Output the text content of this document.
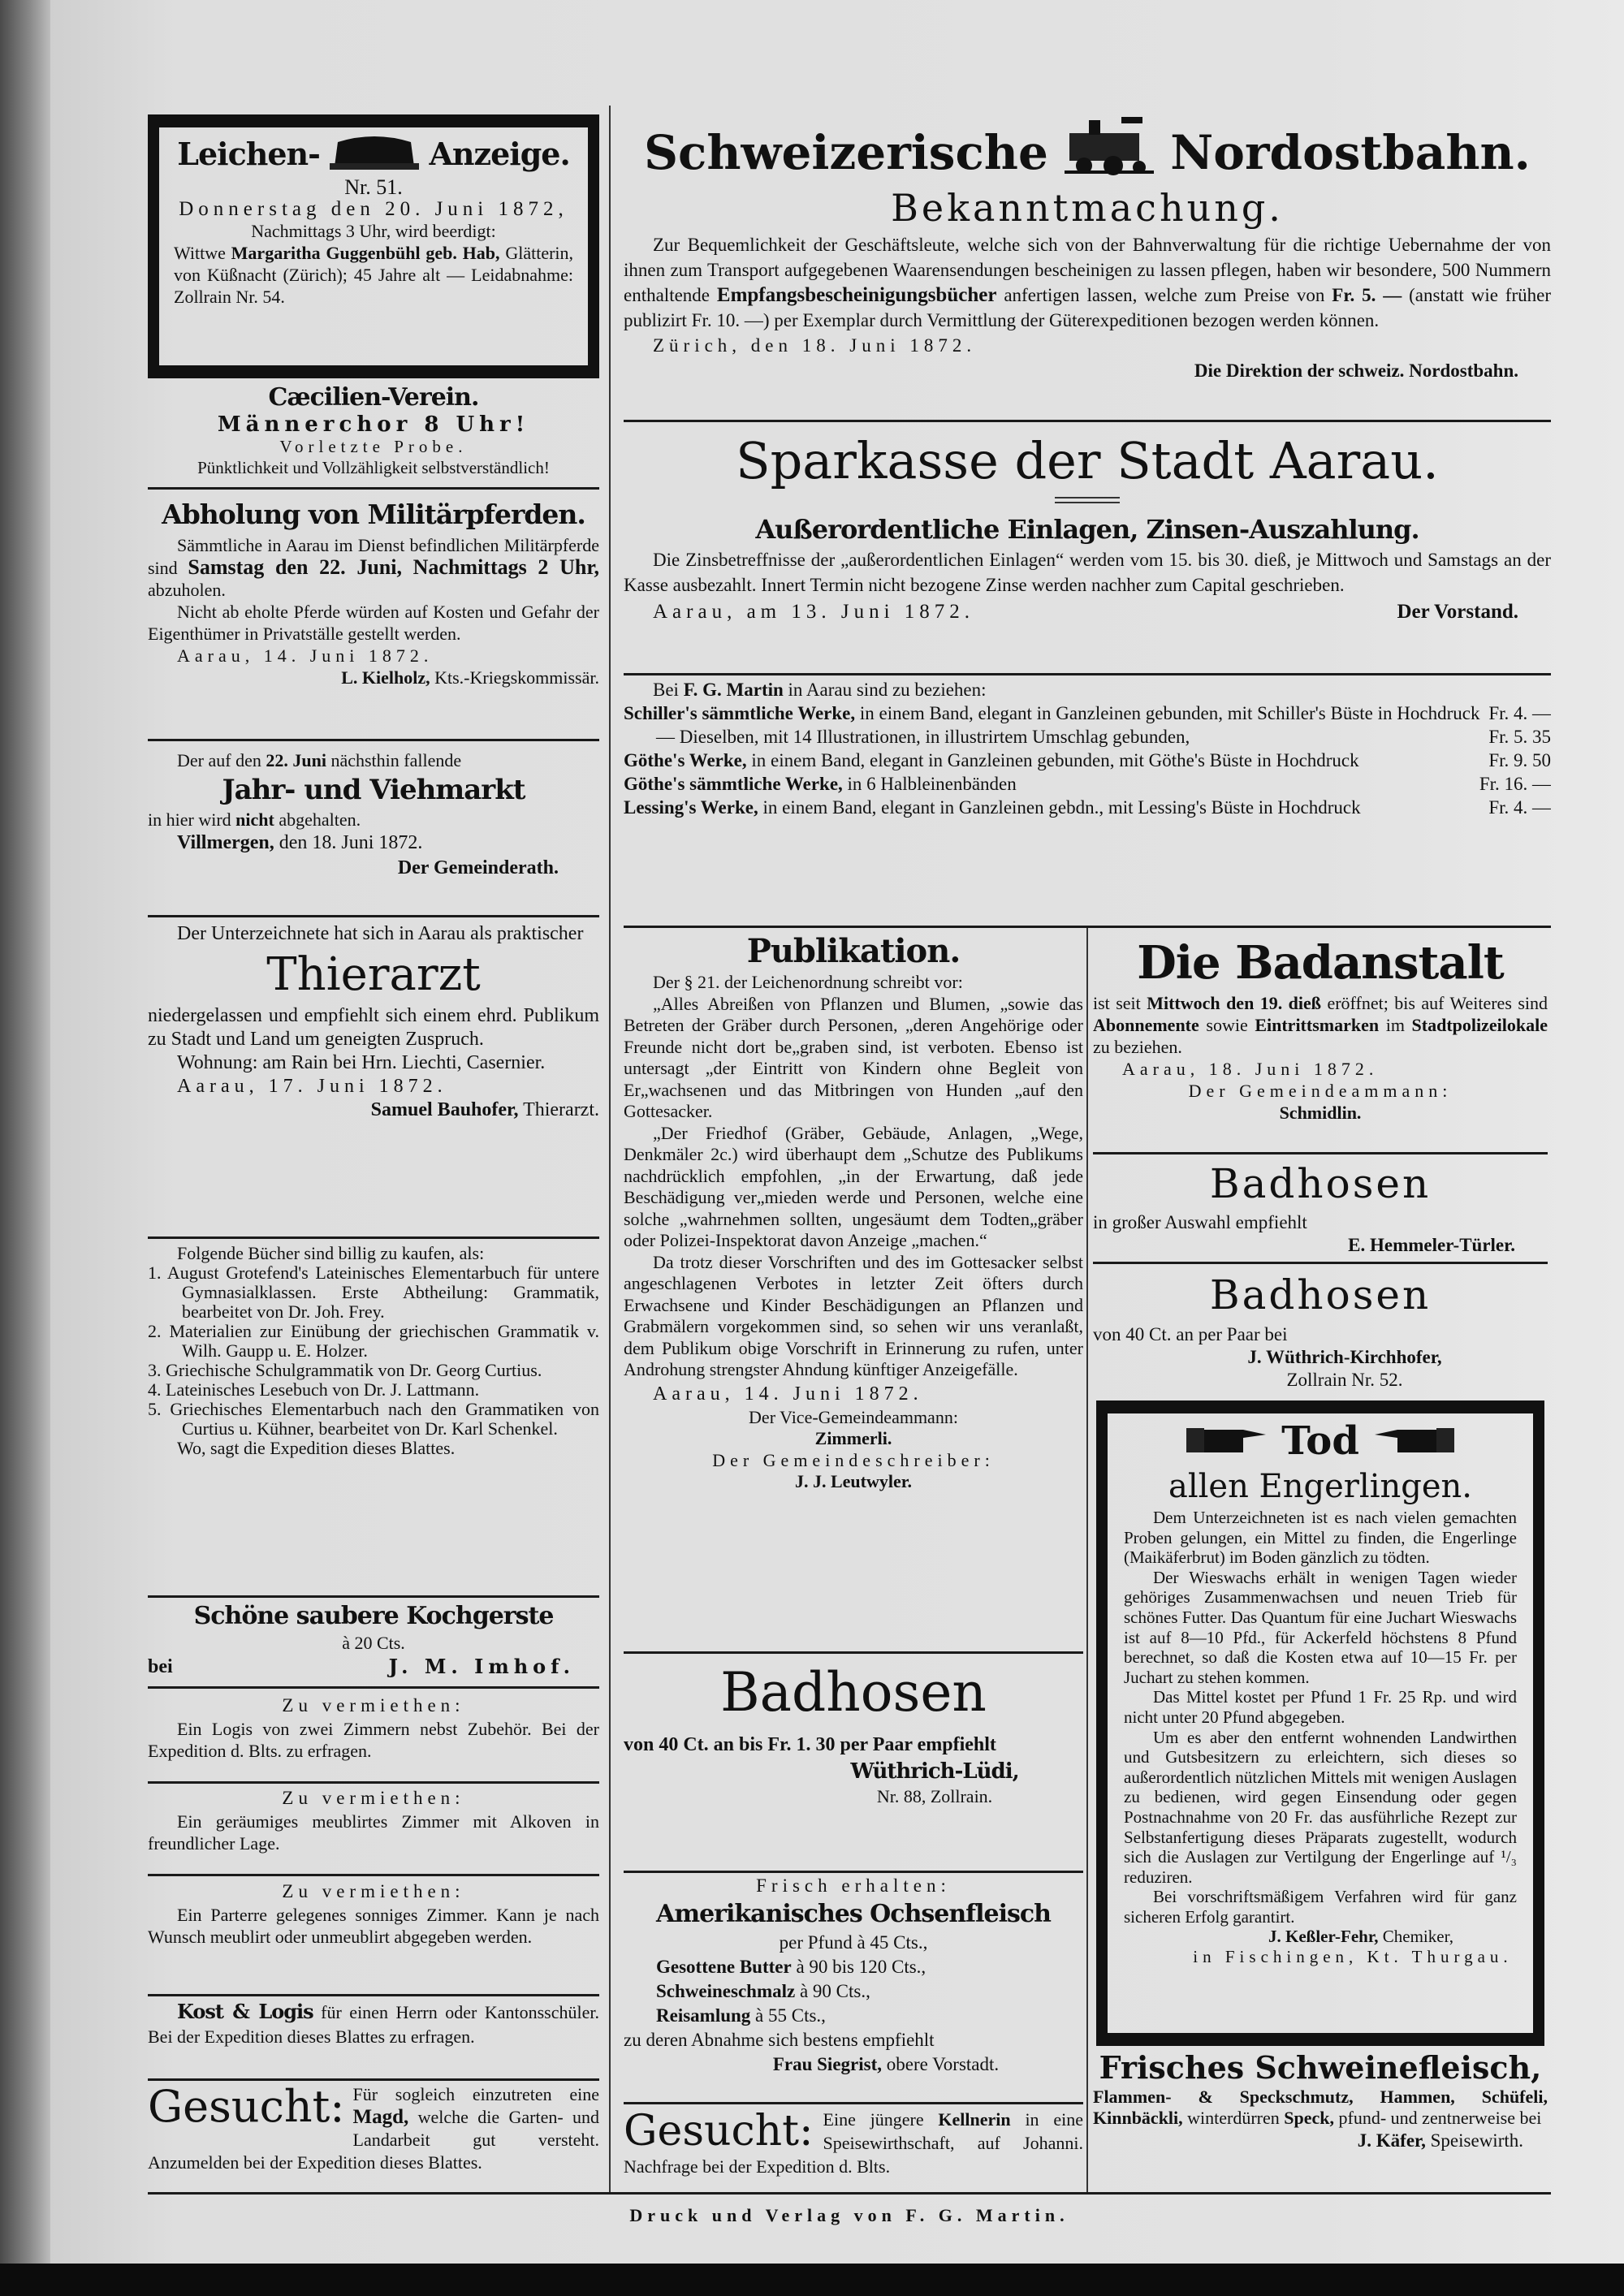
Leichen-	Anzeige.

Nr. 51.

Donnerstag den 20. Juni 1872,

Nachmittags 3 Uhr, wird beerdigt:

Wittwe Margaritha Guggenbühl geb. Hab, Glätterin, von Küßnacht (Zürich); 45 Jahre alt — Leidabnahme: Zollrain Nr. 54.

Cæcilien-Verein.

Männerchor 8 Uhr!

Vorletzte Probe.

Pünktlichkeit und Vollzähligkeit selbstverständlich!

Abholung von Militärpferden.

Sämmtliche in Aarau im Dienst befindlichen Militärpferde sind Samstag den 22. Juni, Nachmittags 2 Uhr, abzuholen.

Nicht ab eholte Pferde würden auf Kosten und Gefahr der Eigenthümer in Privatställe gestellt werden.

Aarau, 14. Juni 1872.

L. Kielholz, Kts.-Kriegskommissär.

Der auf den 22. Juni nächsthin fallende

Jahr- und Viehmarkt

in hier wird nicht abgehalten.

Villmergen, den 18. Juni 1872.

Der Gemeinderath.

Der Unterzeichnete hat sich in Aarau als praktischer

Thierarzt

niedergelassen und empfiehlt sich einem ehrd. Publikum zu Stadt und Land um geneigten Zuspruch.

Wohnung: am Rain bei Hrn. Liechti, Casernier.

Aarau, 17. Juni 1872.

Samuel Bauhofer, Thierarzt.

Folgende Bücher sind billig zu kaufen, als:

1. August Grotefend's Lateinisches Elementarbuch für untere Gymnasialklassen. Erste Abtheilung: Grammatik, bearbeitet von Dr. Joh. Frey.

2. Materialien zur Einübung der griechischen Grammatik v. Wilh. Gaupp u. E. Holzer.

3. Griechische Schulgrammatik von Dr. Georg Curtius.

4. Lateinisches Lesebuch von Dr. J. Lattmann.

5. Griechisches Elementarbuch nach den Grammatiken von Curtius u. Kühner, bearbeitet von Dr. Karl Schenkel.

Wo, sagt die Expedition dieses Blattes.

Schöne saubere Kochgerste

à 20 Cts.

bei	J. M. Imhof.

Zu vermiethen:

Ein Logis von zwei Zimmern nebst Zubehör. Bei der Expedition d. Blts. zu erfragen.

Zu vermiethen:

Ein geräumiges meublirtes Zimmer mit Alkoven in freundlicher Lage.

Zu vermiethen:

Ein Parterre gelegenes sonniges Zimmer. Kann je nach Wunsch meublirt oder unmeublirt abgegeben werden.

Kost & Logis für einen Herrn oder Kantonsschüler. Bei der Expedition dieses Blattes zu erfragen.

Gesucht: Für sogleich einzutreten eine Magd, welche die Garten- und Landarbeit gut versteht. Anzumelden bei der Expedition dieses Blattes.

Schweizerische	Nordostbahn.

Bekanntmachung.

Zur Bequemlichkeit der Geschäftsleute, welche sich von der Bahnverwaltung für die richtige Uebernahme der von ihnen zum Transport aufgegebenen Waarensendungen bescheinigen zu lassen pflegen, haben wir besondere, 500 Nummern enthaltende Empfangsbescheinigungsbücher anfertigen lassen, welche zum Preise von Fr. 5. — (anstatt wie früher publizirt Fr. 10. —) per Exemplar durch Vermittlung der Güterexpeditionen bezogen werden können.

Zürich, den 18. Juni 1872.

Die Direktion der schweiz. Nordostbahn.

Sparkasse der Stadt Aarau.

Außerordentliche Einlagen, Zinsen-Auszahlung.

Die Zinsbetreffnisse der „außerordentlichen Einlagen“ werden vom 15. bis 30. dieß, je Mittwoch und Samstags an der Kasse ausbezahlt. Innert Termin nicht bezogene Zinse werden nachher zum Capital geschrieben.

Aarau, am 13. Juni 1872.	Der Vorstand.

Bei F. G. Martin in Aarau sind zu beziehen:

Schiller's sämmtliche Werke, in einem Band, elegant in Ganzleinen gebunden, mit Schiller's Büste in Hochdruck Fr. 4. —

— Dieselben, mit 14 Illustrationen, in illustrirtem Umschlag gebunden,	Fr. 5. 35

Göthe's Werke, in einem Band, elegant in Ganzleinen gebunden, mit Göthe's Büste in Hochdruck	Fr. 9. 50

Göthe's sämmtliche Werke, in 6 Halbleinenbänden	Fr. 16. —

Lessing's Werke, in einem Band, elegant in Ganzleinen gebdn., mit Lessing's Büste in Hochdruck	Fr. 4. —

Publikation.

Der § 21. der Leichenordnung schreibt vor:

„Alles Abreißen von Pflanzen und Blumen, „sowie das Betreten der Gräber durch Personen, „deren Angehörige oder Freunde nicht dort be„graben sind, ist verboten. Ebenso ist untersagt „der Eintritt von Kindern ohne Begleit von Er„wachsenen und das Mitbringen von Hunden „auf den Gottesacker.

„Der Friedhof (Gräber, Gebäude, Anlagen, „Wege, Denkmäler 2c.) wird überhaupt dem „Schutze des Publikums nachdrücklich empfohlen, „in der Erwartung, daß jede Beschädigung ver„mieden werde und Personen, welche eine solche „wahrnehmen sollten, ungesäumt dem Todten„gräber oder Polizei-Inspektorat davon Anzeige „machen.“

Da trotz dieser Vorschriften und des im Gottesacker selbst angeschlagenen Verbotes in letzter Zeit öfters durch Erwachsene und Kinder Beschädigungen an Pflanzen und Grabmälern vorgekommen sind, so sehen wir uns veranlaßt, dem Publikum obige Vorschrift in Erinnerung zu rufen, unter Androhung strengster Ahndung künftiger Anzeigefälle.

Aarau, 14. Juni 1872.

Der Vice-Gemeindeammann:

Zimmerli.

Der Gemeindeschreiber:

J. J. Leutwyler.

Badhosen

von 40 Ct. an bis Fr. 1. 30 per Paar empfiehlt

Wüthrich-Lüdi,

Nr. 88, Zollrain.

Frisch erhalten:

Amerikanisches Ochsenfleisch

per Pfund à 45 Cts.,

Gesottene Butter à 90 bis 120 Cts.,

Schweineschmalz à 90 Cts.,

Reisamlung à 55 Cts.,

zu deren Abnahme sich bestens empfiehlt

Frau Siegrist, obere Vorstadt.

Gesucht: Eine jüngere Kellnerin in eine Speisewirthschaft, auf Johanni. Nachfrage bei der Expedition d. Blts.

Die Badanstalt

ist seit Mittwoch den 19. dieß eröffnet; bis auf Weiteres sind Abonnemente sowie Eintrittsmarken im Stadtpolizeilokale zu beziehen.

Aarau, 18. Juni 1872.

Der Gemeindeammann:

Schmidlin.

Badhosen

in großer Auswahl empfiehlt

E. Hemmeler-Türler.

Badhosen

von 40 Ct. an per Paar bei

J. Wüthrich-Kirchhofer,

Zollrain Nr. 52.

Tod

allen Engerlingen.

Dem Unterzeichneten ist es nach vielen gemachten Proben gelungen, ein Mittel zu finden, die Engerlinge (Maikäferbrut) im Boden gänzlich zu tödten.

Der Wieswachs erhält in wenigen Tagen wieder gehöriges Zusammenwachsen und neuen Trieb für schönes Futter. Das Quantum für eine Juchart Wieswachs ist auf 8—10 Pfd., für Ackerfeld höchstens 8 Pfund berechnet, so daß die Kosten etwa auf 10—15 Fr. per Juchart zu stehen kommen.

Das Mittel kostet per Pfund 1 Fr. 25 Rp. und wird nicht unter 20 Pfund abgegeben.

Um es aber den entfernt wohnenden Landwirthen und Gutsbesitzern zu erleichtern, sich dieses so außerordentlich nützlichen Mittels mit wenigen Auslagen zu bedienen, wird gegen Einsendung oder gegen Postnachnahme von 20 Fr. das ausführliche Rezept zur Selbstanfertigung dieses Präparats zugestellt, wodurch sich die Auslagen zur Vertilgung der Engerlinge auf ¹/₃ reduziren.

Bei vorschriftsmäßigem Verfahren wird für ganz sicheren Erfolg garantirt.

J. Keßler-Fehr, Chemiker,

in Fischingen, Kt. Thurgau.

Frisches Schweinefleisch,

Flammen- & Speckschmutz, Hammen, Schüfeli, Kinnbäckli, winterdürren Speck, pfund- und zentnerweise bei

J. Käfer, Speisewirth.

Druck und Verlag von F. G. Martin.
